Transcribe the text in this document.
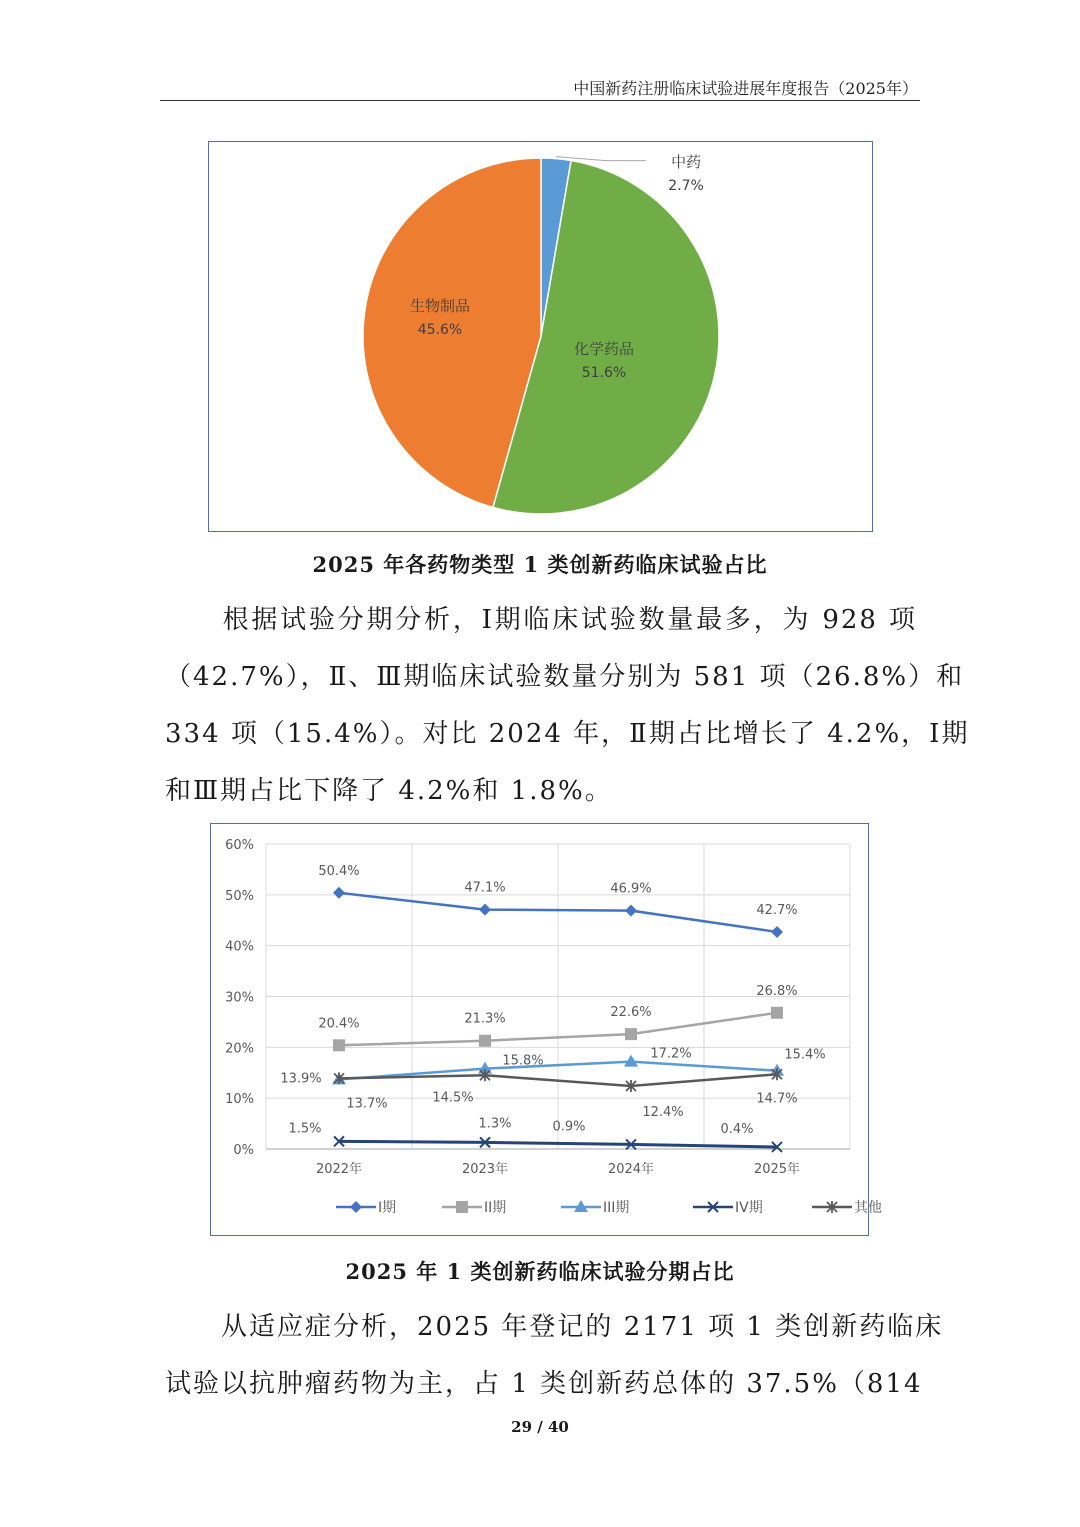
中国新药注册临床试验进展年度报告（2025年）
中药
2.7%
化学药品
51.6%
生物制品
45.6%
2025 年各药物类型 1 类创新药临床试验占比
　　根据试验分期分析，Ⅰ期临床试验数量最多，为 928 项
（42.7%），Ⅱ、Ⅲ期临床试验数量分别为 581 项（26.8%）和
334 项（15.4%）。对比 2024 年，Ⅱ期占比增长了 4.2%，Ⅰ期
和Ⅲ期占比下降了 4.2%和 1.8%。
0%
10%
20%
30%
40%
50%
60%
2022年	2023年	2024年	2025年
50.4%
47.1%	46.9%
42.7%
20.4%	21.3%	22.6%
26.8%
13.7%
15.8%	17.2%	15.4%
1.5%	1.3%	0.9%	0.4%
13.9%
14.5%
12.4%
14.7%
I期	II期	III期	IV期	其他
2025 年 1 类创新药临床试验分期占比
　　从适应症分析，2025 年登记的 2171 项 1 类创新药临床
试验以抗肿瘤药物为主，占 1 类创新药总体的 37.5%（814
29 / 40
